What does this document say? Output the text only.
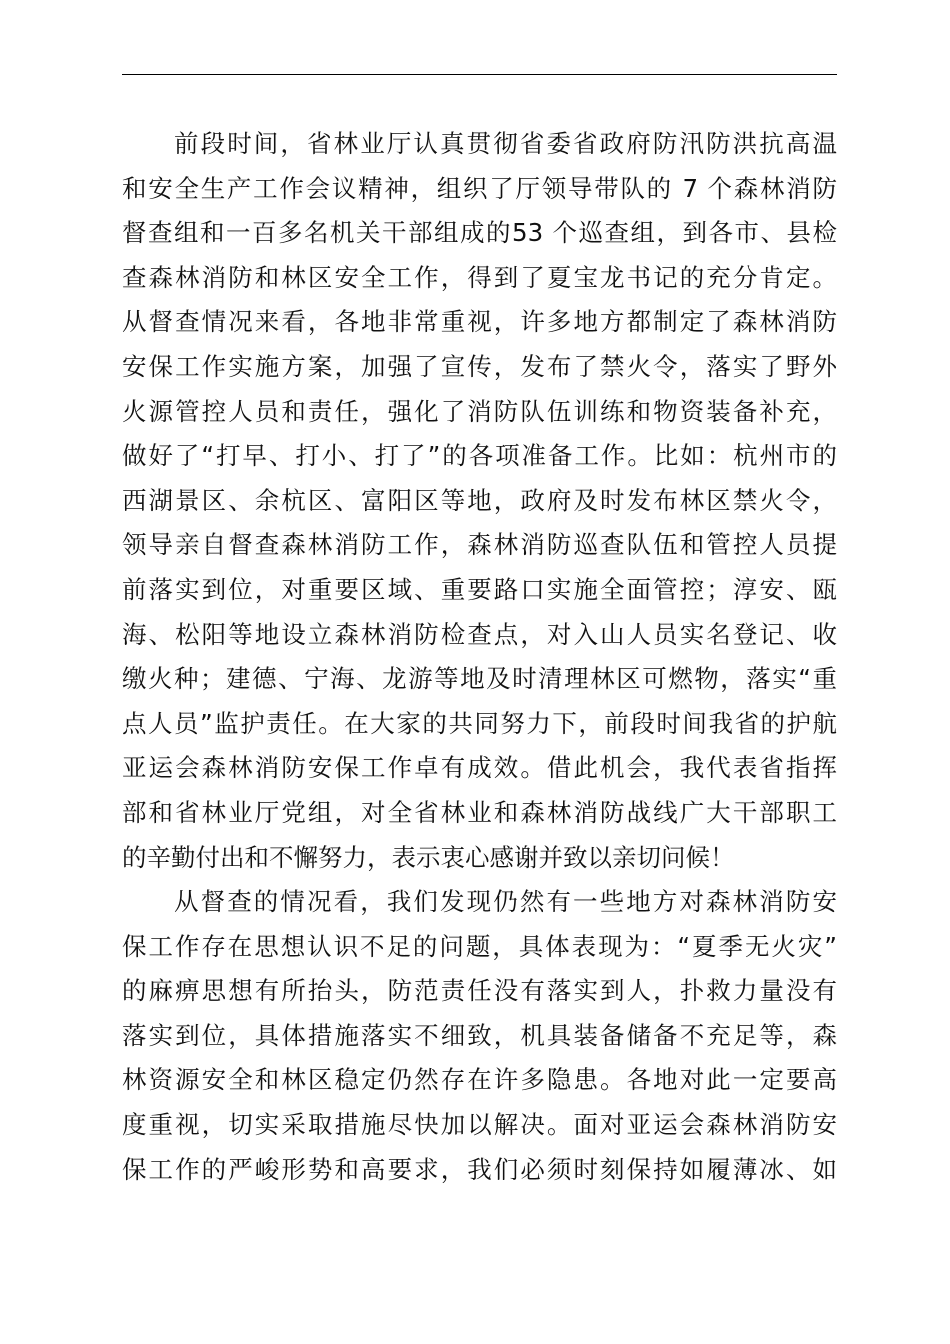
前段时间，省林业厅认真贯彻省委省政府防汛防洪抗高温
和安全生产工作会议精神，组织了厅领导带队的 7 个森林消防
督查组和一百多名机关干部组成的53 个巡查组，到各市、县检
查森林消防和林区安全工作，得到了夏宝龙书记的充分肯定。
从督查情况来看，各地非常重视，许多地方都制定了森林消防
安保工作实施方案，加强了宣传，发布了禁火令，落实了野外
火源管控人员和责任，强化了消防队伍训练和物资装备补充，
做好了“打早、打小、打了”的各项准备工作。比如：杭州市的
西湖景区、余杭区、富阳区等地，政府及时发布林区禁火令，
领导亲自督查森林消防工作，森林消防巡查队伍和管控人员提
前落实到位，对重要区域、重要路口实施全面管控；淳安、瓯
海、松阳等地设立森林消防检查点，对入山人员实名登记、收
缴火种；建德、宁海、龙游等地及时清理林区可燃物，落实“重
点人员”监护责任。在大家的共同努力下，前段时间我省的护航
亚运会森林消防安保工作卓有成效。借此机会，我代表省指挥
部和省林业厅党组，对全省林业和森林消防战线广大干部职工
的辛勤付出和不懈努力，表示衷心感谢并致以亲切问候！
从督查的情况看，我们发现仍然有一些地方对森林消防安
保工作存在思想认识不足的问题，具体表现为：“夏季无火灾”
的麻痹思想有所抬头，防范责任没有落实到人，扑救力量没有
落实到位，具体措施落实不细致，机具装备储备不充足等，森
林资源安全和林区稳定仍然存在许多隐患。各地对此一定要高
度重视，切实采取措施尽快加以解决。面对亚运会森林消防安
保工作的严峻形势和高要求，我们必须时刻保持如履薄冰、如
